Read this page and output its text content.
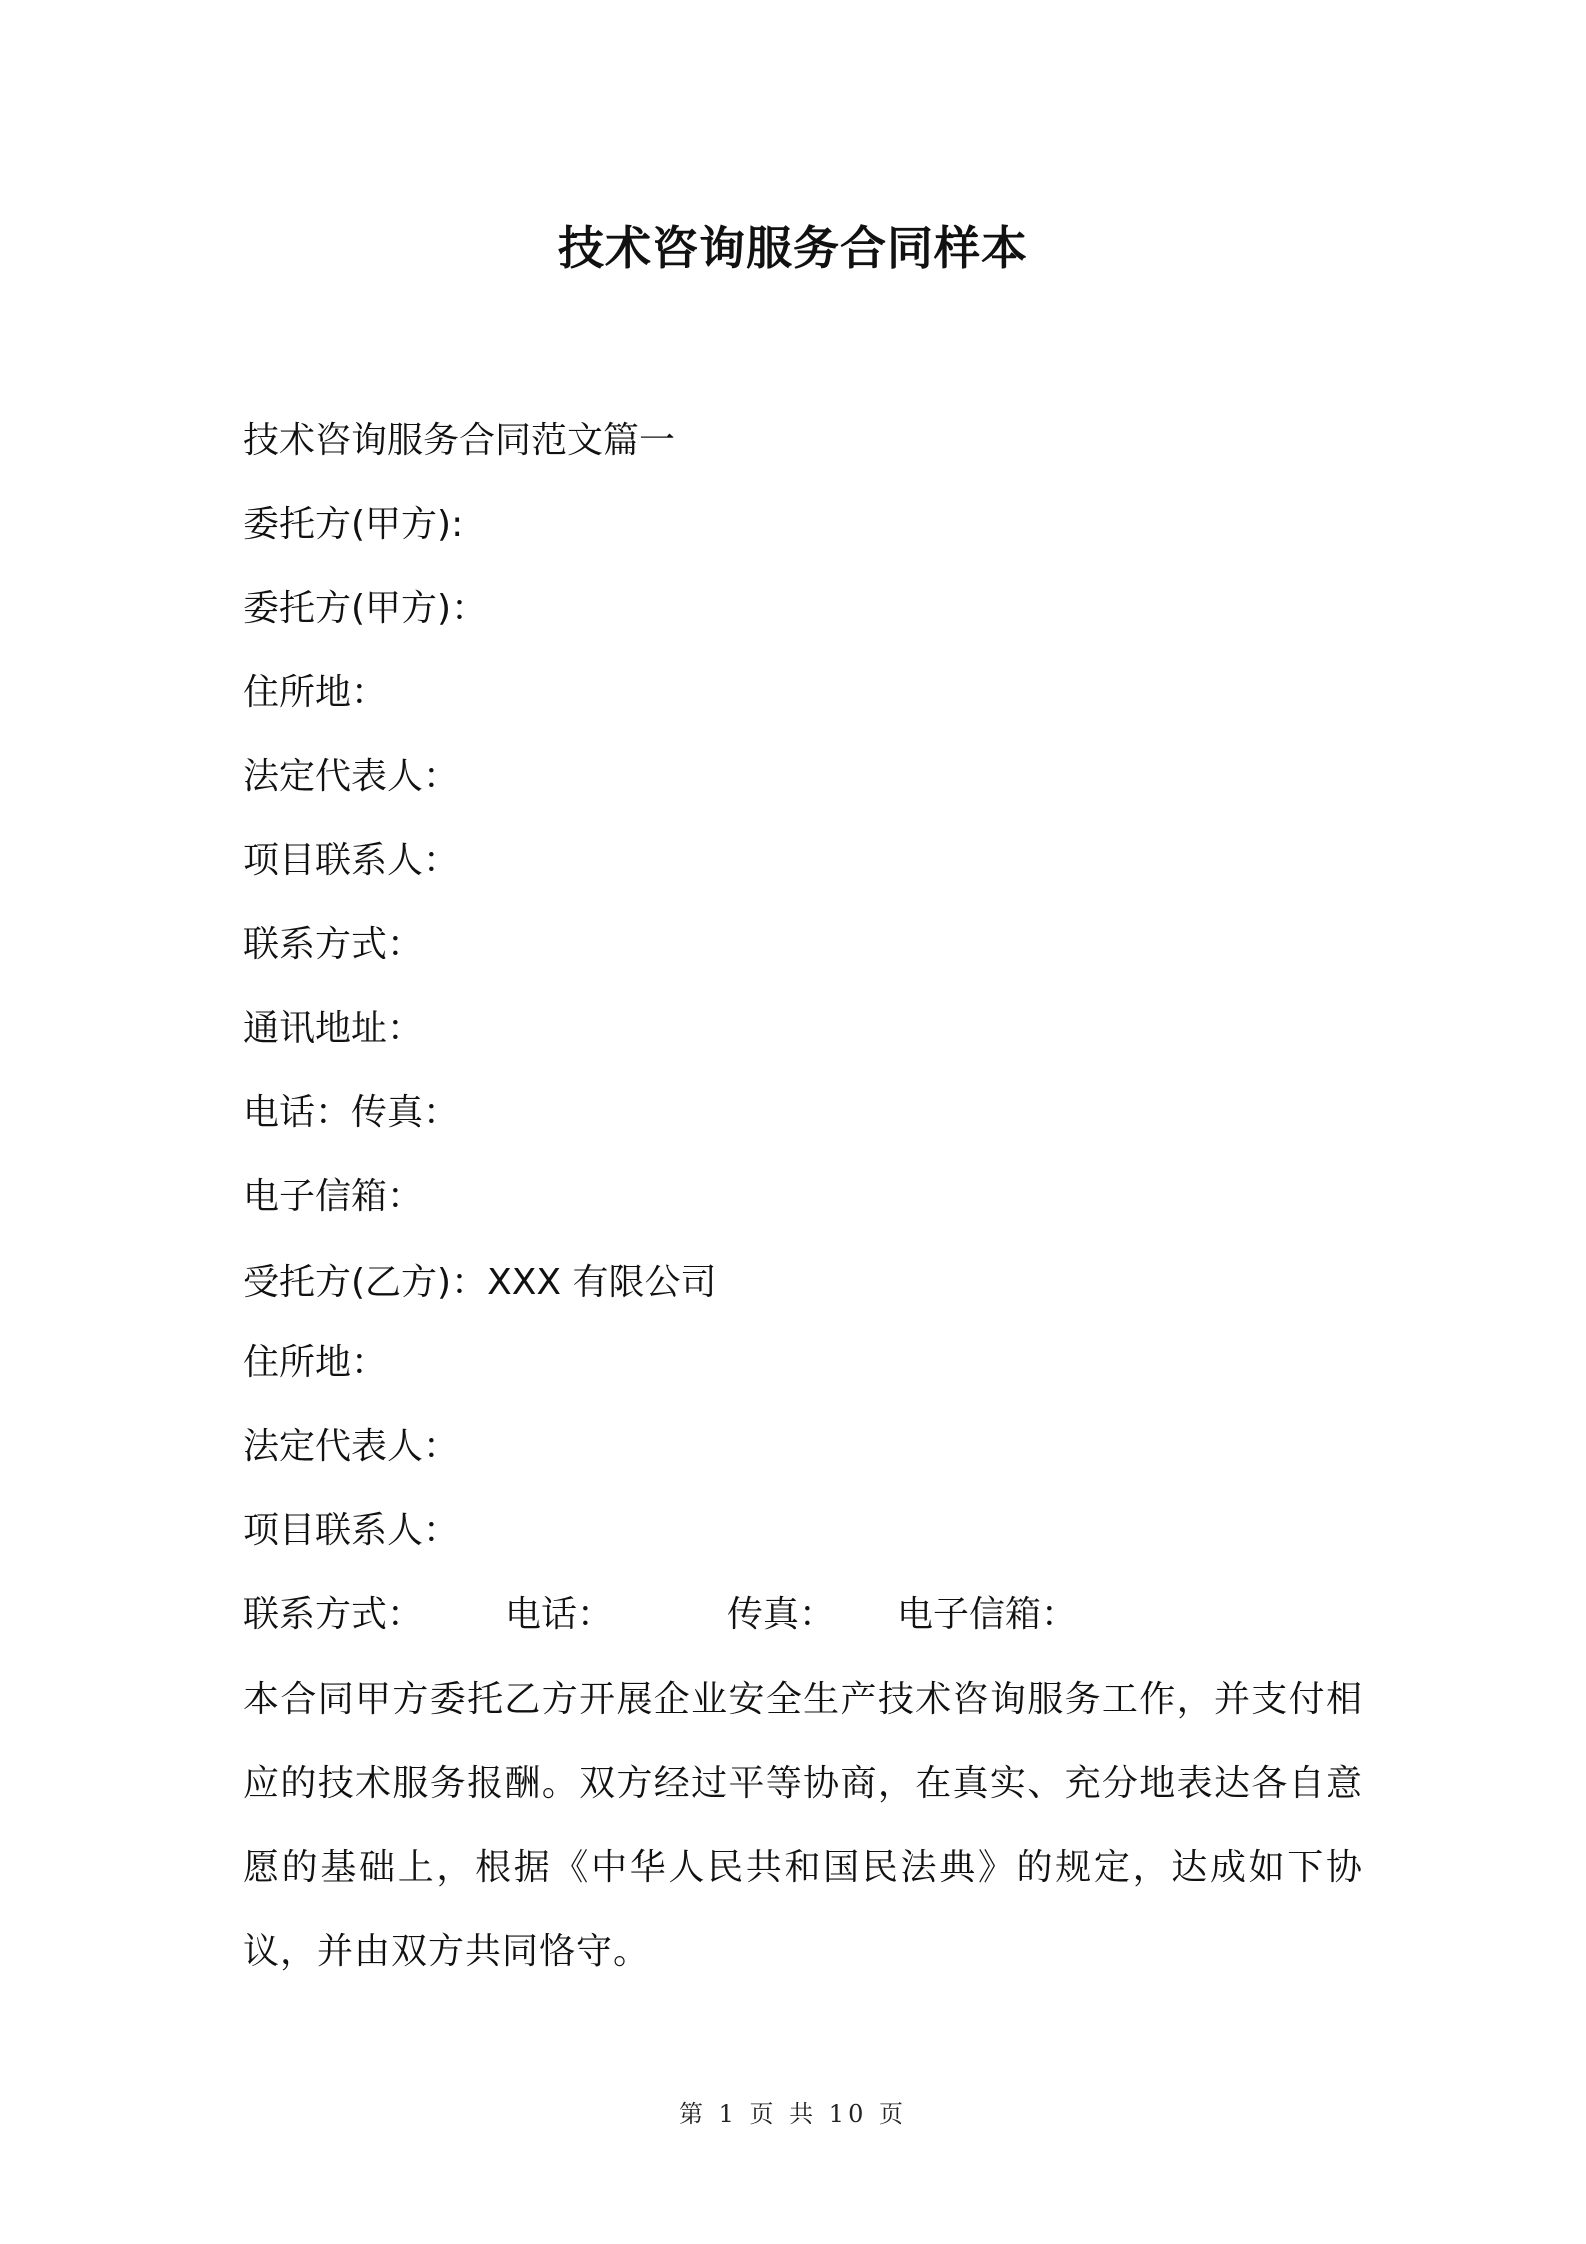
技术咨询服务合同样本
技术咨询服务合同范文篇一
委托方(甲方):
委托方(甲方)：
住所地：
法定代表人：
项目联系人：
联系方式：
通讯地址：
电话：传真：
电子信箱：
受托方(乙方)：XXX 有限公司
住所地：
法定代表人：
项目联系人：
联系方式： 电话：	传真： 电子信箱：
本合同甲方委托乙方开展企业安全生产技术咨询服务工作，并支付相应的技术服务报酬。双方经过平等协商，在真实、充分地表达各自意愿的基础上，根据《中华人民共和国民法典》的规定，达成如下协议，并由双方共同恪守。
第 1 页 共 10 页
